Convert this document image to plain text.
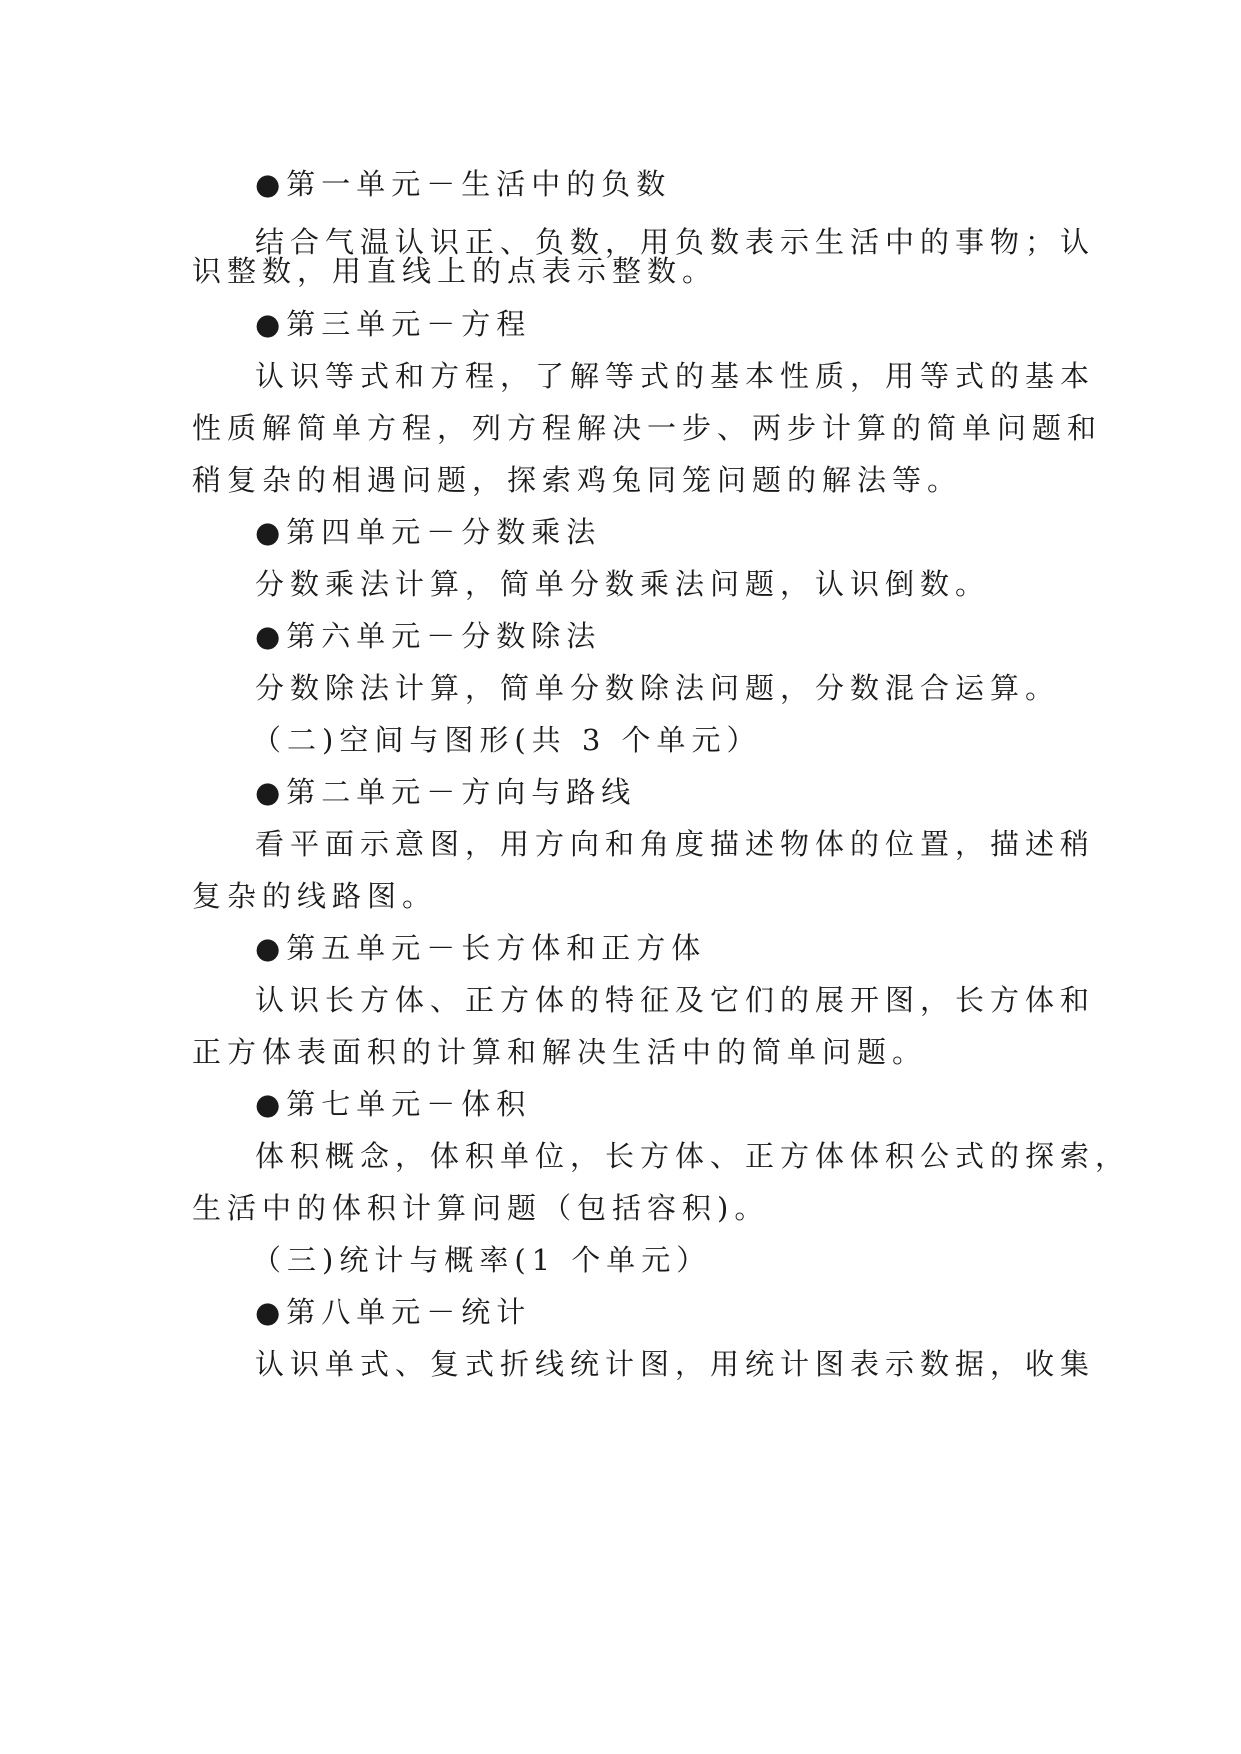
●第一单元－生活中的负数
结合气温认识正、负数，用负数表示生活中的事物；认
识整数，用直线上的点表示整数。
●第三单元－方程
认识等式和方程，了解等式的基本性质，用等式的基本
性质解简单方程，列方程解决一步、两步计算的简单问题和
稍复杂的相遇问题，探索鸡兔同笼问题的解法等。
●第四单元－分数乘法
分数乘法计算，简单分数乘法问题，认识倒数。
●第六单元－分数除法
分数除法计算，简单分数除法问题，分数混合运算。
（二)空间与图形(共 3 个单元）
●第二单元－方向与路线
看平面示意图，用方向和角度描述物体的位置，描述稍
复杂的线路图。
●第五单元－长方体和正方体
认识长方体、正方体的特征及它们的展开图，长方体和
正方体表面积的计算和解决生活中的简单问题。
●第七单元－体积
体积概念，体积单位，长方体、正方体体积公式的探索，
生活中的体积计算问题（包括容积)。
（三)统计与概率(1 个单元）
●第八单元－统计
认识单式、复式折线统计图，用统计图表示数据，收集
